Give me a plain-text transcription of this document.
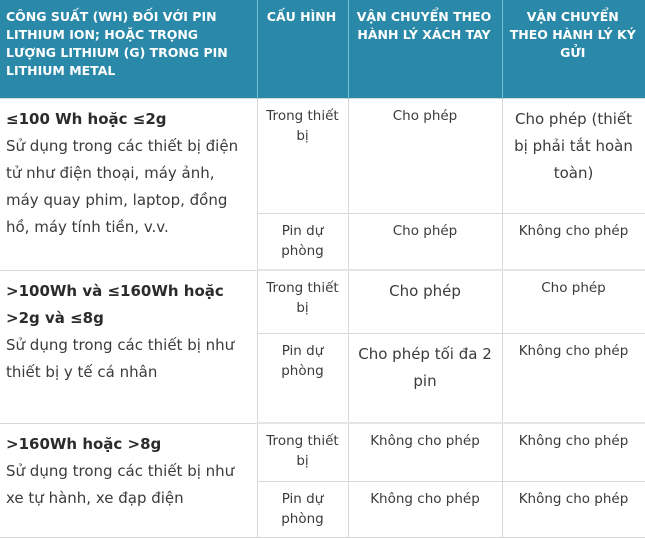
CÔNG SUẤT (WH) ĐỐI VỚI PIN LITHIUM ION; HOẶC TRỌNG LƯỢNG LITHIUM (G) TRONG PIN LITHIUM METAL	CẤU HÌNH	VẬN CHUYỂN THEO HÀNH LÝ XÁCH TAY	VẬN CHUYỂN THEO HÀNH LÝ KÝ GỬI

≤100 Wh hoặc ≤2g
Sử dụng trong các thiết bị điện tử như điện thoại, máy ảnh, máy quay phim, laptop, đồng hồ, máy tính tiền, v.v.	Trong thiết bị	Cho phép	Cho phép (thiết bị phải tắt hoàn toàn)
	Pin dự phòng	Cho phép	Không cho phép

>100Wh và ≤160Wh hoặc >2g và ≤8g
Sử dụng trong các thiết bị như thiết bị y tế cá nhân	Trong thiết bị	Cho phép	Cho phép
	Pin dự phòng	Cho phép tối đa 2 pin	Không cho phép

>160Wh hoặc >8g
Sử dụng trong các thiết bị như xe tự hành, xe đạp điện	Trong thiết bị	Không cho phép	Không cho phép
	Pin dự phòng	Không cho phép	Không cho phép
